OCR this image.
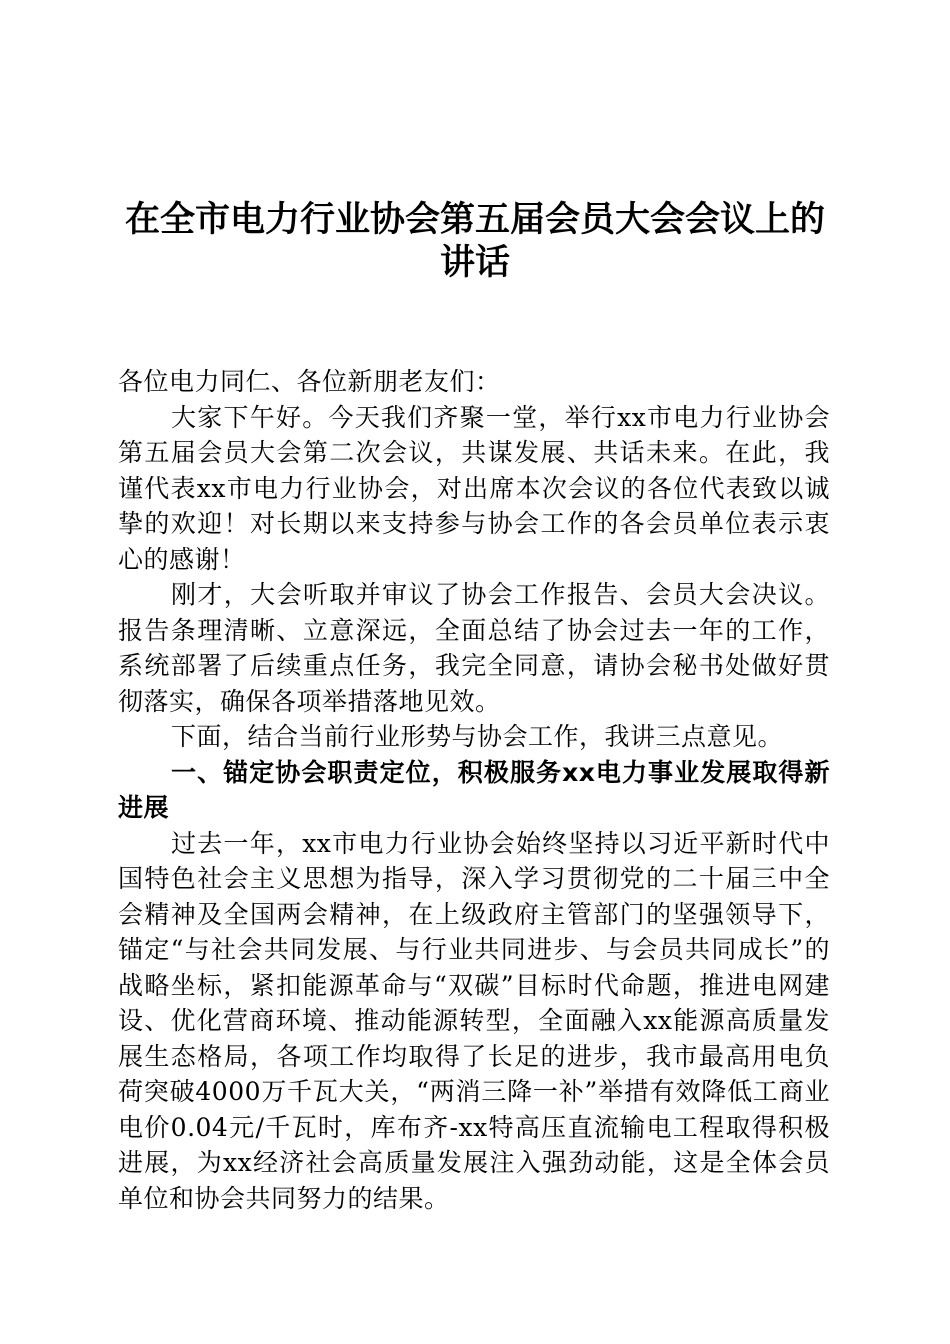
在全市电力行业协会第五届会员大会会议上的
讲话

各位电力同仁、各位新朋老友们：

大家下午好。今天我们齐聚一堂，举行xx市电力行业协会第五届会员大会第二次会议，共谋发展、共话未来。在此，我谨代表xx市电力行业协会，对出席本次会议的各位代表致以诚挚的欢迎！对长期以来支持参与协会工作的各会员单位表示衷心的感谢！

刚才，大会听取并审议了协会工作报告、会员大会决议。报告条理清晰、立意深远，全面总结了协会过去一年的工作，系统部署了后续重点任务，我完全同意，请协会秘书处做好贯彻落实，确保各项举措落地见效。

下面，结合当前行业形势与协会工作，我讲三点意见。

一、锚定协会职责定位，积极服务xx电力事业发展取得新进展

过去一年，xx市电力行业协会始终坚持以习近平新时代中国特色社会主义思想为指导，深入学习贯彻党的二十届三中全会精神及全国两会精神，在上级政府主管部门的坚强领导下，锚定“与社会共同发展、与行业共同进步、与会员共同成长”的战略坐标，紧扣能源革命与“双碳”目标时代命题，推进电网建设、优化营商环境、推动能源转型，全面融入xx能源高质量发展生态格局，各项工作均取得了长足的进步，我市最高用电负荷突破4000万千瓦大关，“两消三降一补”举措有效降低工商业电价0.04元/千瓦时，库布齐-xx特高压直流输电工程取得积极进展，为xx经济社会高质量发展注入强劲动能，这是全体会员单位和协会共同努力的结果。
